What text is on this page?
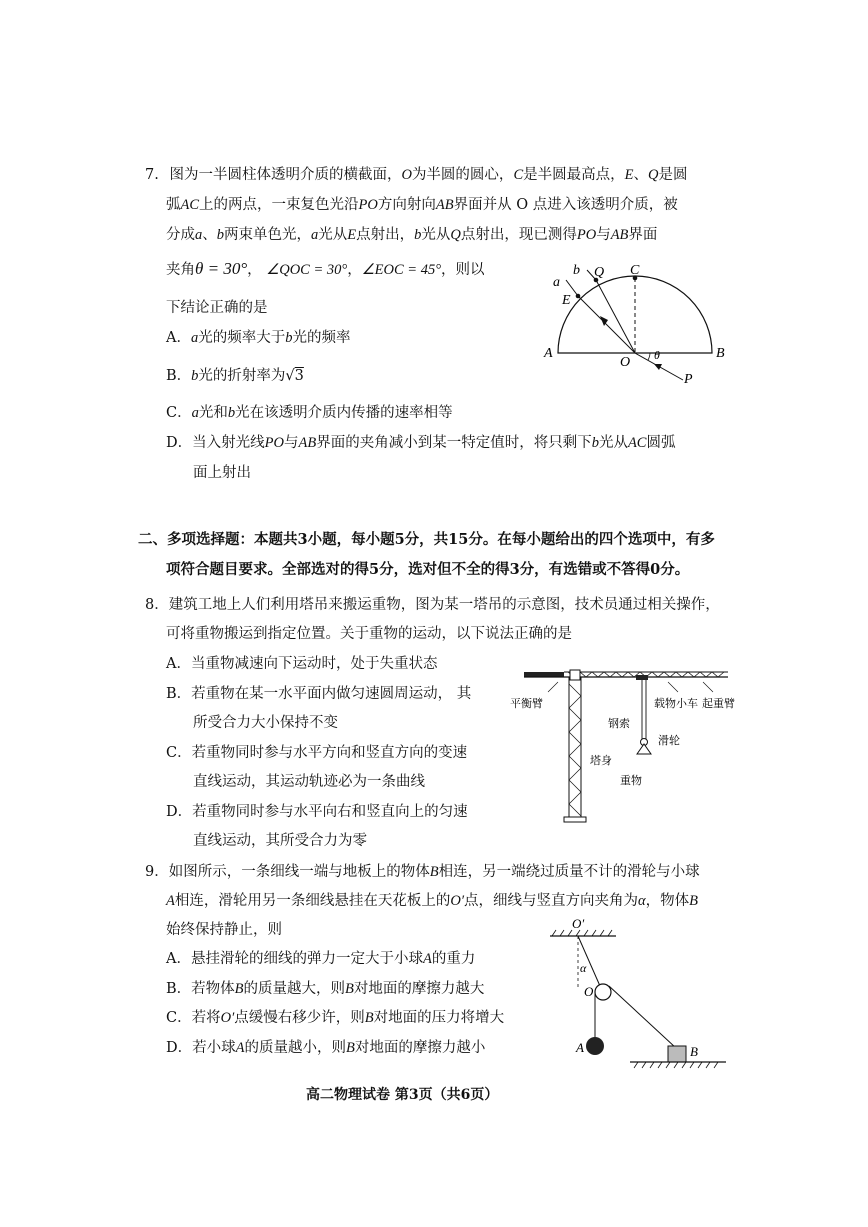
7. 图为一半圆柱体透明介质的横截面，O为半圆的圆心，C是半圆最高点，E、Q是圆
弧AC上的两点，一束复色光沿PO方向射向AB界面并从 O 点进入该透明介质，被
分成a、b两束单色光，a光从E点射出，b光从Q点射出，现已测得PO与AB界面
夹角θ = 30°， ∠QOC = 30°，∠EOC = 45°，则以
下结论正确的是
A．a光的频率大于b光的频率
B．b光的折射率为√3
C．a光和b光在该透明介质内传播的速率相等
D．当入射光线PO与AB界面的夹角减小到某一特定值时，将只剩下b光从AC圆弧
面上射出
a
b Q C
E
A
O θ	B
P
二、多项选择题：本题共3小题，每小题5分，共15分。在每小题给出的四个选项中，有多
项符合题目要求。全部选对的得5分，选对但不全的得3分，有选错或不答得0分。
8．建筑工地上人们利用塔吊来搬运重物，图为某一塔吊的示意图，技术员通过相关操作，
可将重物搬运到指定位置。关于重物的运动，以下说法正确的是
A．当重物减速向下运动时，处于失重状态
B．若重物在某一水平面内做匀速圆周运动， 其
所受合力大小保持不变
C．若重物同时参与水平方向和竖直方向的变速
直线运动，其运动轨迹必为一条曲线
D．若重物同时参与水平向右和竖直向上的匀速
直线运动，其所受合力为零
平衡臂	载物小车 起重臂
钢索
滑轮
塔身
重物
9．如图所示，一条细线一端与地板上的物体B相连，另一端绕过质量不计的滑轮与小球
A相连，滑轮用另一条细线悬挂在天花板上的O′点，细线与竖直方向夹角为α，物体B
始终保持静止，则
A．悬挂滑轮的细线的弹力一定大于小球A的重力
B．若物体B的质量越大，则B对地面的摩擦力越大
C．若将O′点缓慢右移少许，则B对地面的压力将增大
D．若小球A的质量越小，则B对地面的摩擦力越小
O′
α
O
A	B
高二物理试卷 第3页（共6页）
